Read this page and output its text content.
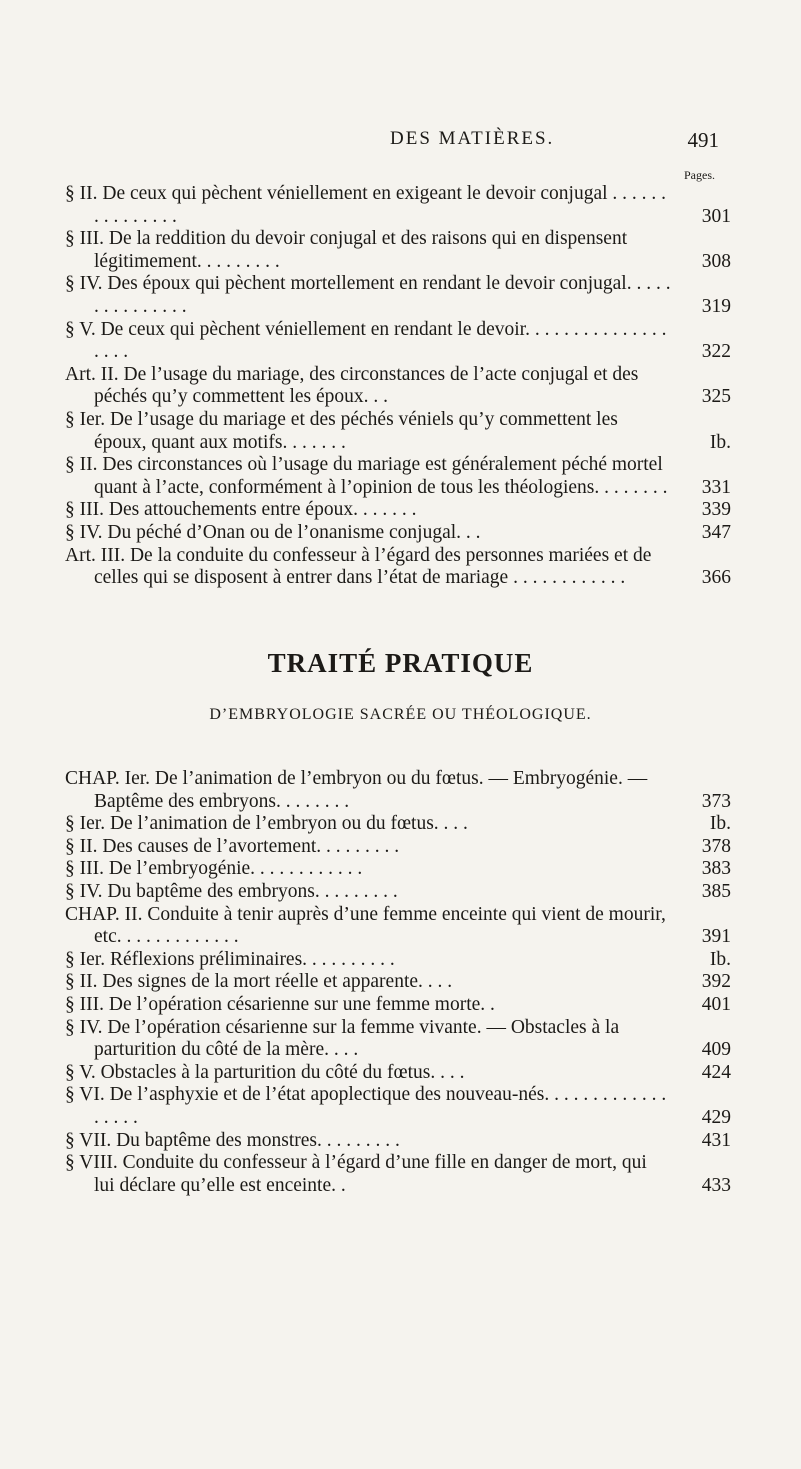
DES MATIÈRES.	491
Pages.
§ II. De ceux qui pèchent véniellement en exigeant le devoir conjugal . . . . . . . . . . . . . . .	301
§ III. De la reddition du devoir conjugal et des raisons qui en dispensent légitimement. . . . . . . . .	308
§ IV. Des époux qui pèchent mortellement en rendant le devoir conjugal. . . . . . . . . . . . . . .	319
§ V. De ceux qui pèchent véniellement en rendant le devoir. . . . . . . . . . . . . . . . . . .	322
Art. II. De l’usage du mariage, des circonstances de l’acte conjugal et des péchés qu’y commettent les époux. . .	325
§ Ier. De l’usage du mariage et des péchés véniels qu’y commettent les époux, quant aux motifs. . . . . . .	Ib.
§ II. Des circonstances où l’usage du mariage est généralement péché mortel quant à l’acte, conformément à l’opinion de tous les théologiens. . . . . . . .	331
§ III. Des attouchements entre époux. . . . . . .	339
§ IV. Du péché d’Onan ou de l’onanisme conjugal. . .	347
Art. III. De la conduite du confesseur à l’égard des personnes mariées et de celles qui se disposent à entrer dans l’état de mariage . . . . . . . . . . . .	366
TRAITÉ PRATIQUE
D’EMBRYOLOGIE SACRÉE OU THÉOLOGIQUE.
CHAP. Ier. De l’animation de l’embryon ou du fœtus. — Embryogénie. — Baptême des embryons. . . . . . . .	373
§ Ier. De l’animation de l’embryon ou du fœtus. . . .	Ib.
§ II. Des causes de l’avortement. . . . . . . . .	378
§ III. De l’embryogénie. . . . . . . . . . . .	383
§ IV. Du baptême des embryons. . . . . . . . .	385
CHAP. II. Conduite à tenir auprès d’une femme enceinte qui vient de mourir, etc. . . . . . . . . . . . .	391
§ Ier. Réflexions préliminaires. . . . . . . . . .	Ib.
§ II. Des signes de la mort réelle et apparente. . . .	392
§ III. De l’opération césarienne sur une femme morte. .	401
§ IV. De l’opération césarienne sur la femme vivante. — Obstacles à la parturition du côté de la mère. . . .	409
§ V. Obstacles à la parturition du côté du fœtus. . . .	424
§ VI. De l’asphyxie et de l’état apoplectique des nouveau-nés. . . . . . . . . . . . . . . . . .	429
§ VII. Du baptême des monstres. . . . . . . . .	431
§ VIII. Conduite du confesseur à l’égard d’une fille en danger de mort, qui lui déclare qu’elle est enceinte. .	433
